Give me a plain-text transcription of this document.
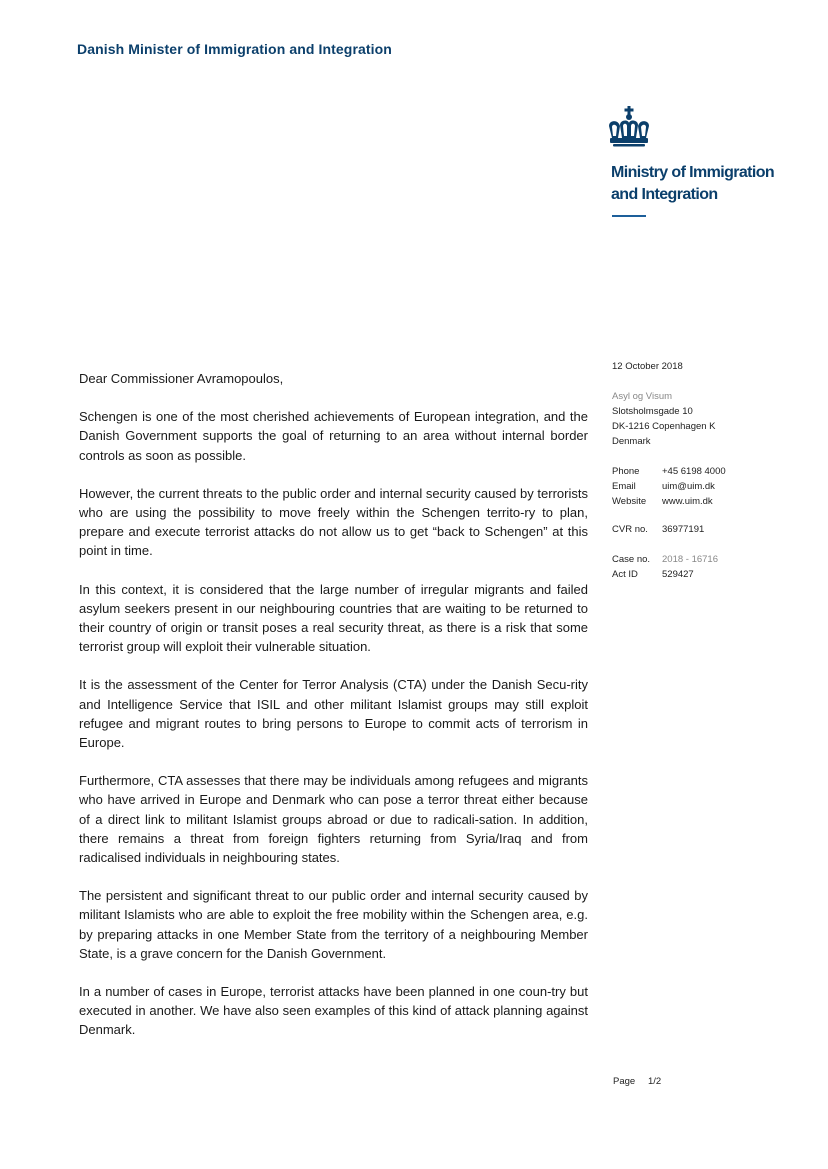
Danish Minister of Immigration and Integration
Ministry of Immigration
and Integration
12 October 2018
Asyl og Visum
Slotsholmsgade 10
DK-1216 Copenhagen K
Denmark
Phone	+45 6198 4000
Email	uim@uim.dk
Website	www.uim.dk
CVR no.	36977191
Case no.	2018 - 16716
Act ID	529427

Dear Commissioner Avramopoulos,

Schengen is one of the most cherished achievements of European integration, and the Danish Government supports the goal of returning to an area without internal border controls as soon as possible.

However, the current threats to the public order and internal security caused by terrorists who are using the possibility to move freely within the Schengen territo-ry to plan, prepare and execute terrorist attacks do not allow us to get “back to Schengen” at this point in time.

In this context, it is considered that the large number of irregular migrants and failed asylum seekers present in our neighbouring countries that are waiting to be returned to their country of origin or transit poses a real security threat, as there is a risk that some terrorist group will exploit their vulnerable situation.

It is the assessment of the Center for Terror Analysis (CTA) under the Danish Secu-rity and Intelligence Service that ISIL and other militant Islamist groups may still exploit refugee and migrant routes to bring persons to Europe to commit acts of terrorism in Europe.

Furthermore, CTA assesses that there may be individuals among refugees and migrants who have arrived in Europe and Denmark who can pose a terror threat either because of a direct link to militant Islamist groups abroad or due to radicali-sation. In addition, there remains a threat from foreign fighters returning from Syria/Iraq and from radicalised individuals in neighbouring states.

The persistent and significant threat to our public order and internal security caused by militant Islamists who are able to exploit the free mobility within the Schengen area, e.g. by preparing attacks in one Member State from the territory of a neighbouring Member State, is a grave concern for the Danish Government.

In a number of cases in Europe, terrorist attacks have been planned in one coun-try but executed in another. We have also seen examples of this kind of attack planning against Denmark.

Page	1/2
